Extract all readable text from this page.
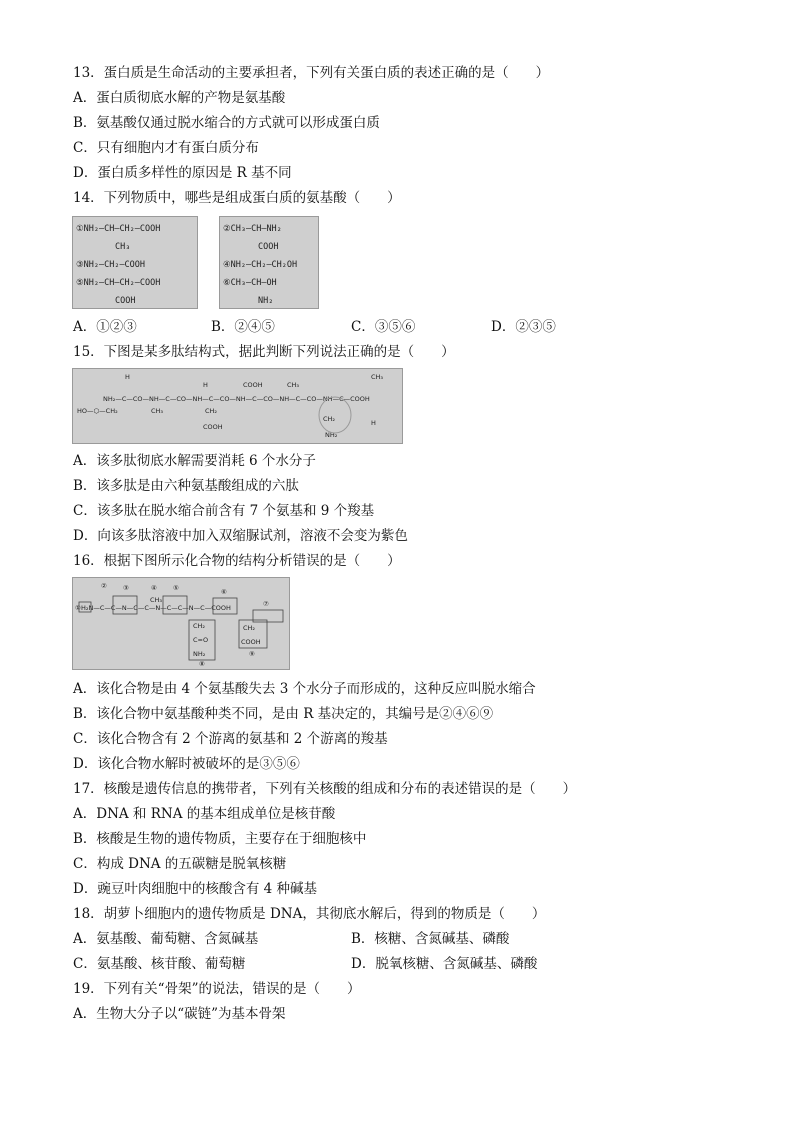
13．蛋白质是生命活动的主要承担者，下列有关蛋白质的表述正确的是（　　）
A．蛋白质彻底水解的产物是氨基酸
B．氨基酸仅通过脱水缩合的方式就可以形成蛋白质
C．只有细胞内才有蛋白质分布
D．蛋白质多样性的原因是 R 基不同
14．下列物质中，哪些是组成蛋白质的氨基酸（　　）
①NH₂—CH—CH₂—COOH
CH₃
③NH₂—CH₂—COOH
⑤NH₂—CH—CH₂—COOH
COOH
②CH₃—CH—NH₂
COOH
④NH₂—CH₂—CH₂OH
⑥CH₃—CH—OH
NH₂
A．①②③	B．②④⑤	C．③⑤⑥	D．②③⑤
15．下图是某多肽结构式，据此判断下列说法正确的是（　　）
H
H	COOH	CH₃
CH₃
NH₂—C—CO—NH—C—CO—NH—C—CO—NH—C—CO—NH—C—CO—NH—C—COOH
HO—⬡—CH₂	CH₃	CH₂
COOH
CH₂
NH₂
H
A．该多肽彻底水解需要消耗 6 个水分子
B．该多肽是由六种氨基酸组成的六肽
C．该多肽在脱水缩合前含有 7 个氨基和 9 个羧基
D．向该多肽溶液中加入双缩脲试剂，溶液不会变为紫色
16．根据下图所示化合物的结构分析错误的是（　　）
② ③	④ ⑤	⑥
⑦
CH₃
① H₂N—C—C—N—C—C—N—C—C—N—C—COOH
CH₂
C=O
NH₂
⑧
CH₂
COOH
⑨
A．该化合物是由 4 个氨基酸失去 3 个水分子而形成的，这种反应叫脱水缩合
B．该化合物中氨基酸种类不同，是由 R 基决定的，其编号是②④⑥⑨
C．该化合物含有 2 个游离的氨基和 2 个游离的羧基
D．该化合物水解时被破坏的是③⑤⑥
17．核酸是遗传信息的携带者，下列有关核酸的组成和分布的表述错误的是（　　）
A．DNA 和 RNA 的基本组成单位是核苷酸
B．核酸是生物的遗传物质，主要存在于细胞核中
C．构成 DNA 的五碳糖是脱氧核糖
D．豌豆叶肉细胞中的核酸含有 4 种碱基
18．胡萝卜细胞内的遗传物质是 DNA，其彻底水解后，得到的物质是（　　）
A．氨基酸、葡萄糖、含氮碱基	B．核糖、含氮碱基、磷酸
C．氨基酸、核苷酸、葡萄糖	D．脱氧核糖、含氮碱基、磷酸
19．下列有关“骨架”的说法，错误的是（　　）
A．生物大分子以“碳链”为基本骨架
